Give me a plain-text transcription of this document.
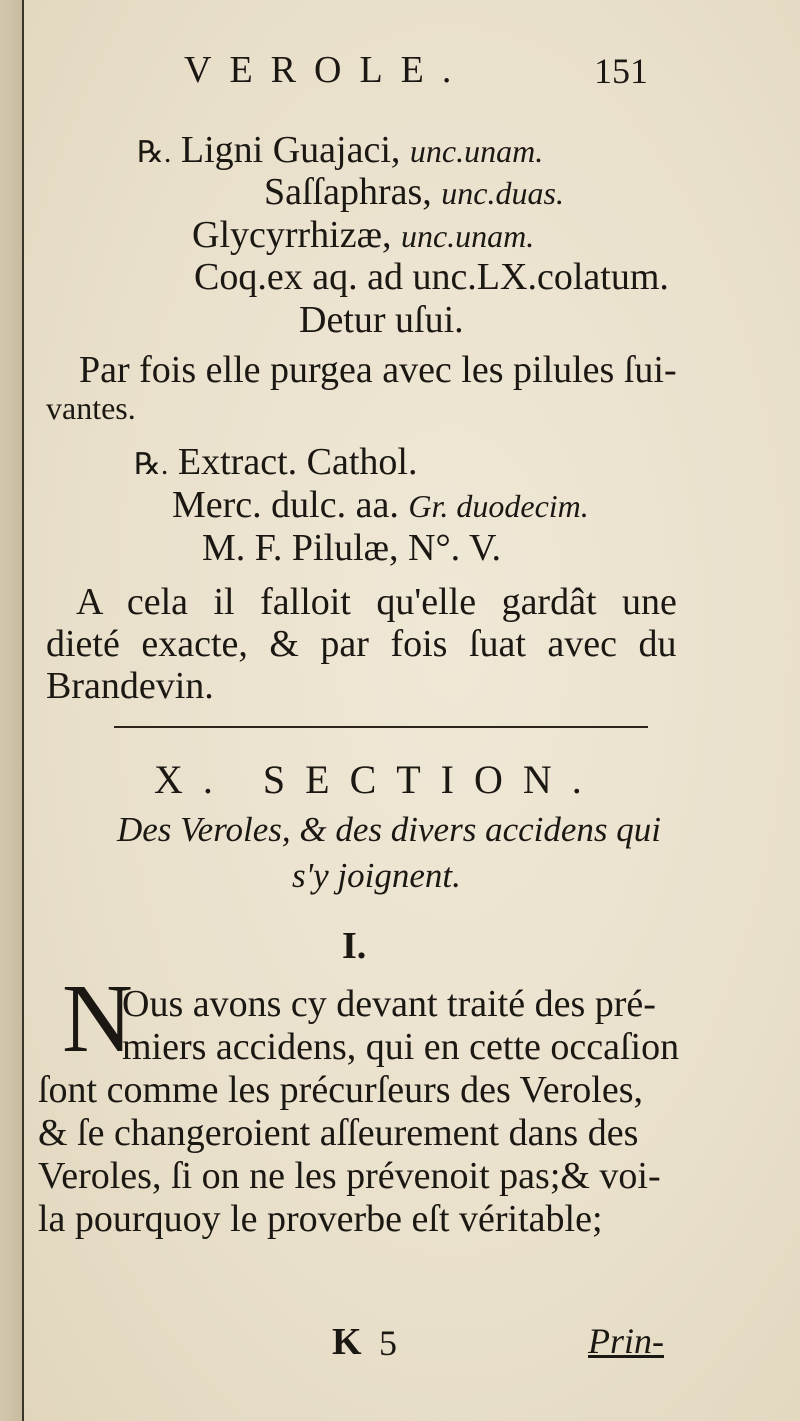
VEROLE.	151
℞. Ligni Guajaci, unc.unam.
Saſſaphras, unc.duas.
Glycyrrhizæ, unc.unam.
Coq.ex aq. ad unc.LX.colatum.
Detur uſui.
Par fois elle purgea avec les pilules ſui-
vantes.
℞. Extract. Cathol.
Merc. dulc. aa. Gr. duodecim.
M. F. Pilulæ, N°. V.
A cela il falloit qu'elle gardât une
dieté exacte, & par fois ſuat avec du
Brandevin.
X. SECTION.
Des Veroles, & des divers accidens qui
s'y joignent.
I.
N
Ous avons cy devant traité des pré-
miers accidens, qui en cette occaſion
ſont comme les précurſeurs des Veroles,
& ſe changeroient aſſeurement dans des
Veroles, ſi on ne les prévenoit pas;& voi-
la pourquoy le proverbe eſt véritable;
K 5	Prin-
